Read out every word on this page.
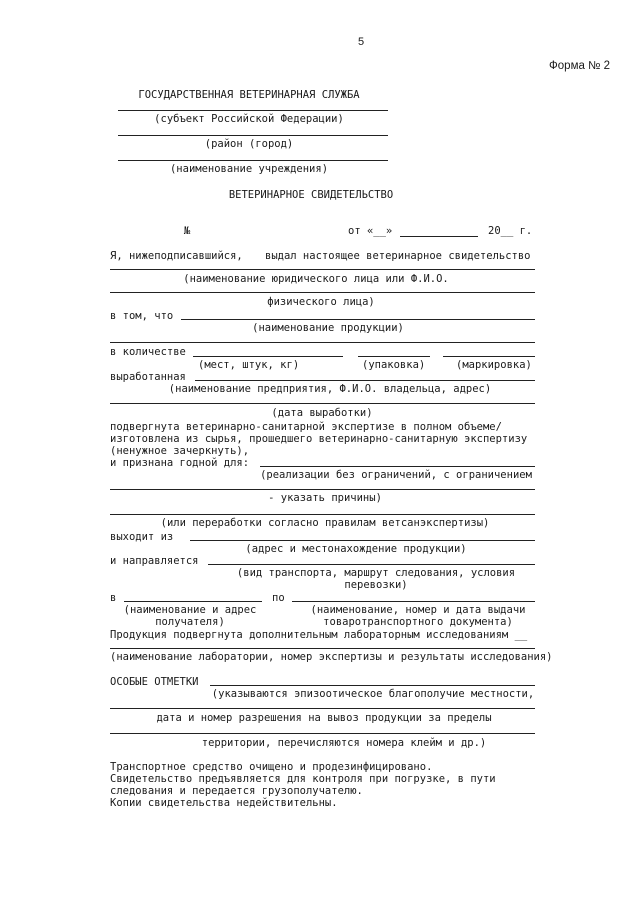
5
Форма № 2
ГОСУДАРСТВЕННАЯ ВЕТЕРИНАРНАЯ СЛУЖБА
(субъект Российской Федерации)
(район (город)
(наименование учреждения)
ВЕТЕРИНАРНОЕ СВИДЕТЕЛЬСТВО
№	от «__»	20__ г.
Я, нижеподписавшийся, выдал настоящее ветеринарное свидетельство
(наименование юридического лица или Ф.И.О.
физического лица)
в том, что
(наименование продукции)
в количестве
(мест, штук, кг)	(упаковка)	(маркировка)
выработанная
(наименование предприятия, Ф.И.О. владельца, адрес)
(дата выработки)
подвергнута ветеринарно-санитарной экспертизе в полном объеме/
изготовлена из сырья, прошедшего ветеринарно-санитарную экспертизу
(ненужное зачеркнуть),
и признана годной для:
(реализации без ограничений, с ограничением
- указать причины)
(или переработки согласно правилам ветсанэкспертизы)
выходит из
(адрес и местонахождение продукции)
и направляется
(вид транспорта, маршрут следования, условия
перевозки)
в	по
(наименование и адрес
получателя)
(наименование, номер и дата выдачи
товаротранспортного документа)
Продукция подвергнута дополнительным лабораторным исследованиям __
(наименование лаборатории, номер экспертизы и результаты исследования)
ОСОБЫЕ ОТМЕТКИ
(указываются эпизоотическое благополучие местности,
дата и номер разрешения на вывоз продукции за пределы
территории, перечисляются номера клейм и др.)
Транспортное средство очищено и продезинфицировано.
Свидетельство предъявляется для контроля при погрузке, в пути
следования и передается грузополучателю.
Копии свидетельства недействительны.
